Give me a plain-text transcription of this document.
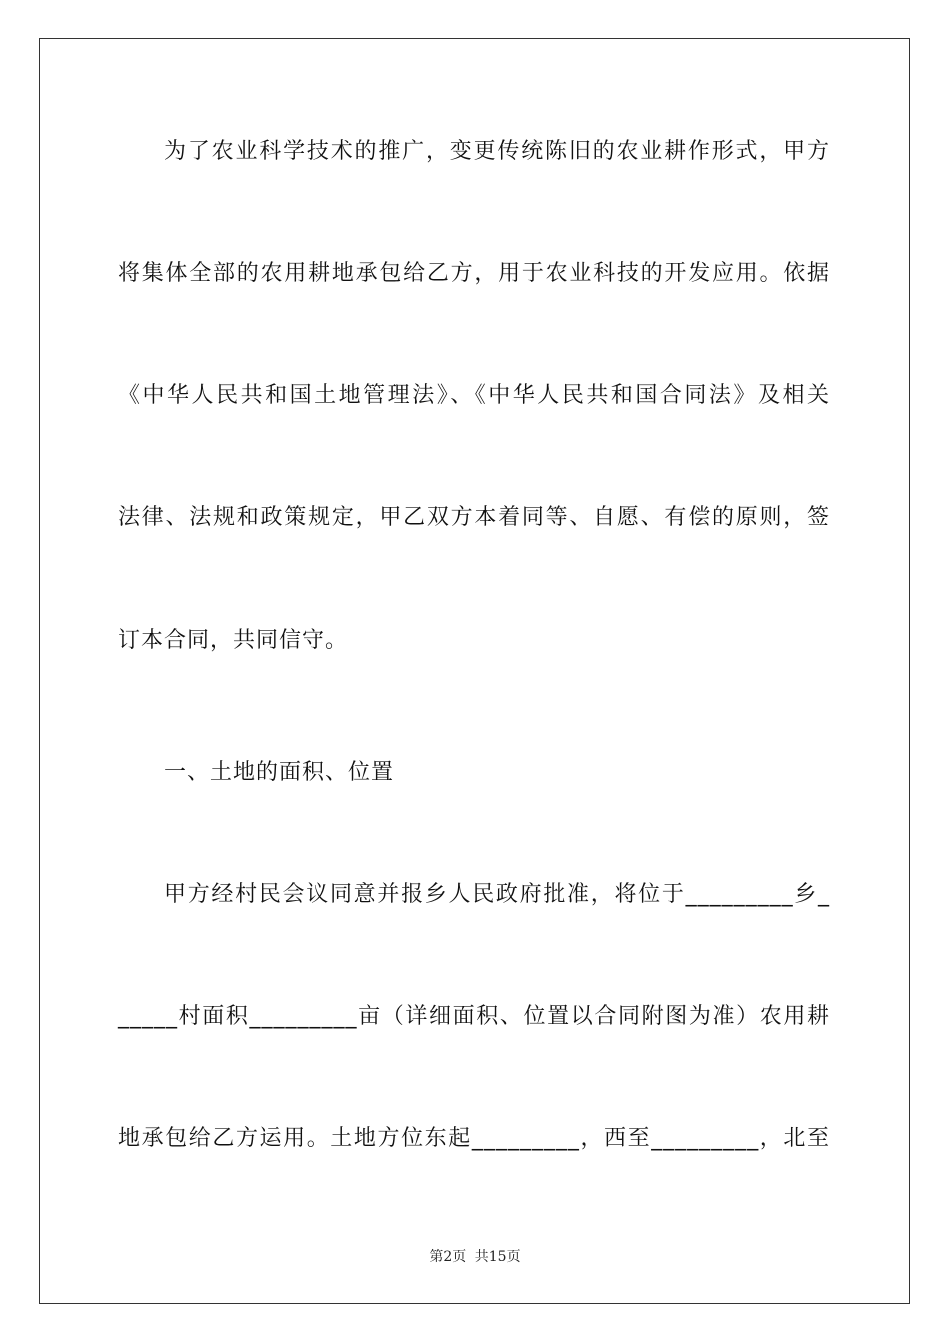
为了农业科学技术的推广，变更传统陈旧的农业耕作形式，甲方
将集体全部的农用耕地承包给乙方，用于农业科技的开发应用。依据
《中华人民共和国土地管理法》、《中华人民共和国合同法》及相关
法律、法规和政策规定，甲乙双方本着同等、自愿、有偿的原则，签
订本合同，共同信守。
一、土地的面积、位置
甲方经村民会议同意并报乡人民政府批准，将位于_________乡_
_____村面积_________亩（详细面积、位置以合同附图为准）农用耕
地承包给乙方运用。土地方位东起_________，西至_________，北至
第2页 共15页
